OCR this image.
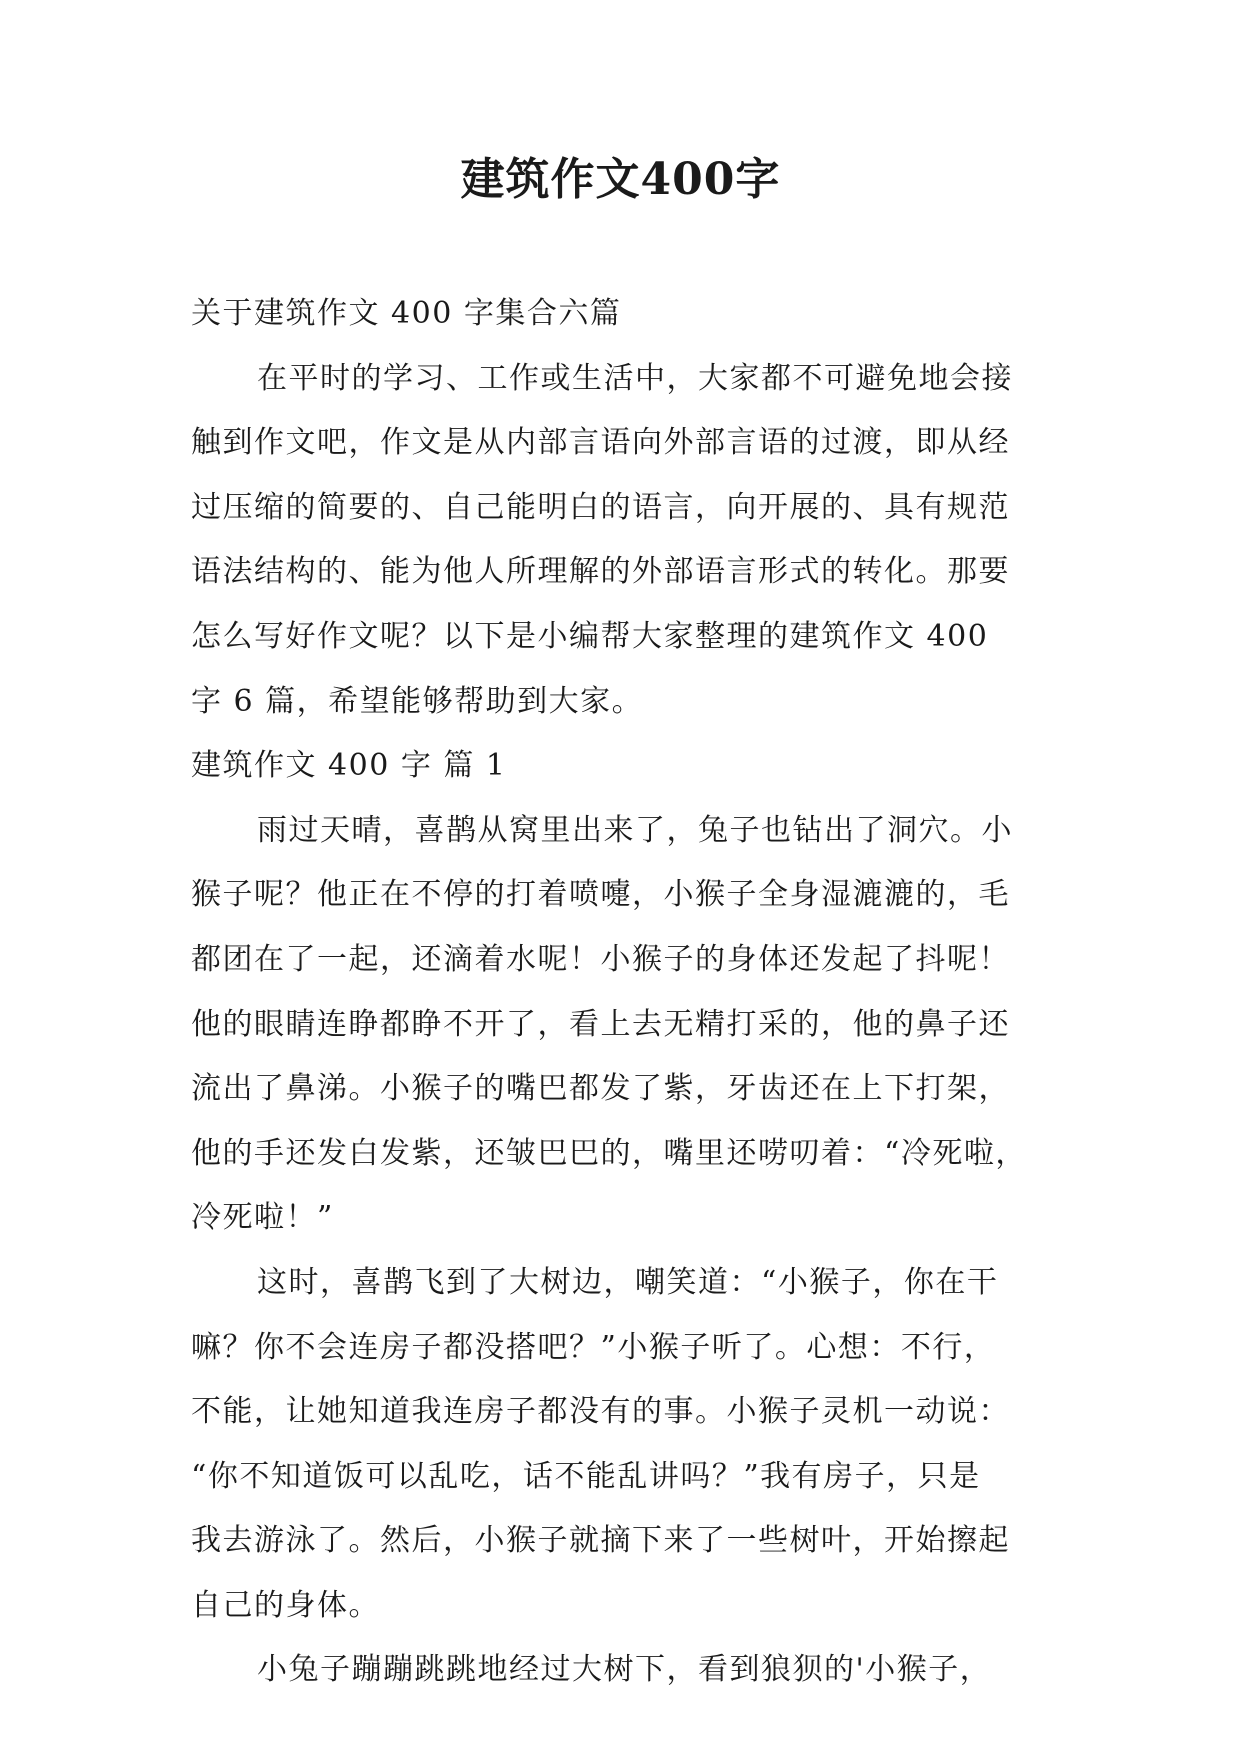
建筑作文400字
关于建筑作文 400 字集合六篇
在平时的学习、工作或生活中，大家都不可避免地会接
触到作文吧，作文是从内部言语向外部言语的过渡，即从经
过压缩的简要的、自己能明白的语言，向开展的、具有规范
语法结构的、能为他人所理解的外部语言形式的转化。那要
怎么写好作文呢？以下是小编帮大家整理的建筑作文 400
字 6 篇，希望能够帮助到大家。
建筑作文 400 字 篇 1
雨过天晴，喜鹊从窝里出来了，兔子也钻出了洞穴。小
猴子呢？他正在不停的打着喷嚏，小猴子全身湿漉漉的，毛
都团在了一起，还滴着水呢！小猴子的身体还发起了抖呢！
他的眼睛连睁都睁不开了，看上去无精打采的，他的鼻子还
流出了鼻涕。小猴子的嘴巴都发了紫，牙齿还在上下打架，
他的手还发白发紫，还皱巴巴的，嘴里还唠叨着：“冷死啦，
冷死啦！”
这时，喜鹊飞到了大树边，嘲笑道：“小猴子，你在干
嘛？你不会连房子都没搭吧？”小猴子听了。心想：不行，
不能，让她知道我连房子都没有的事。小猴子灵机一动说：
“你不知道饭可以乱吃，话不能乱讲吗？”我有房子，只是
我去游泳了。然后，小猴子就摘下来了一些树叶，开始擦起
自己的身体。
小兔子蹦蹦跳跳地经过大树下，看到狼狈的'小猴子，
